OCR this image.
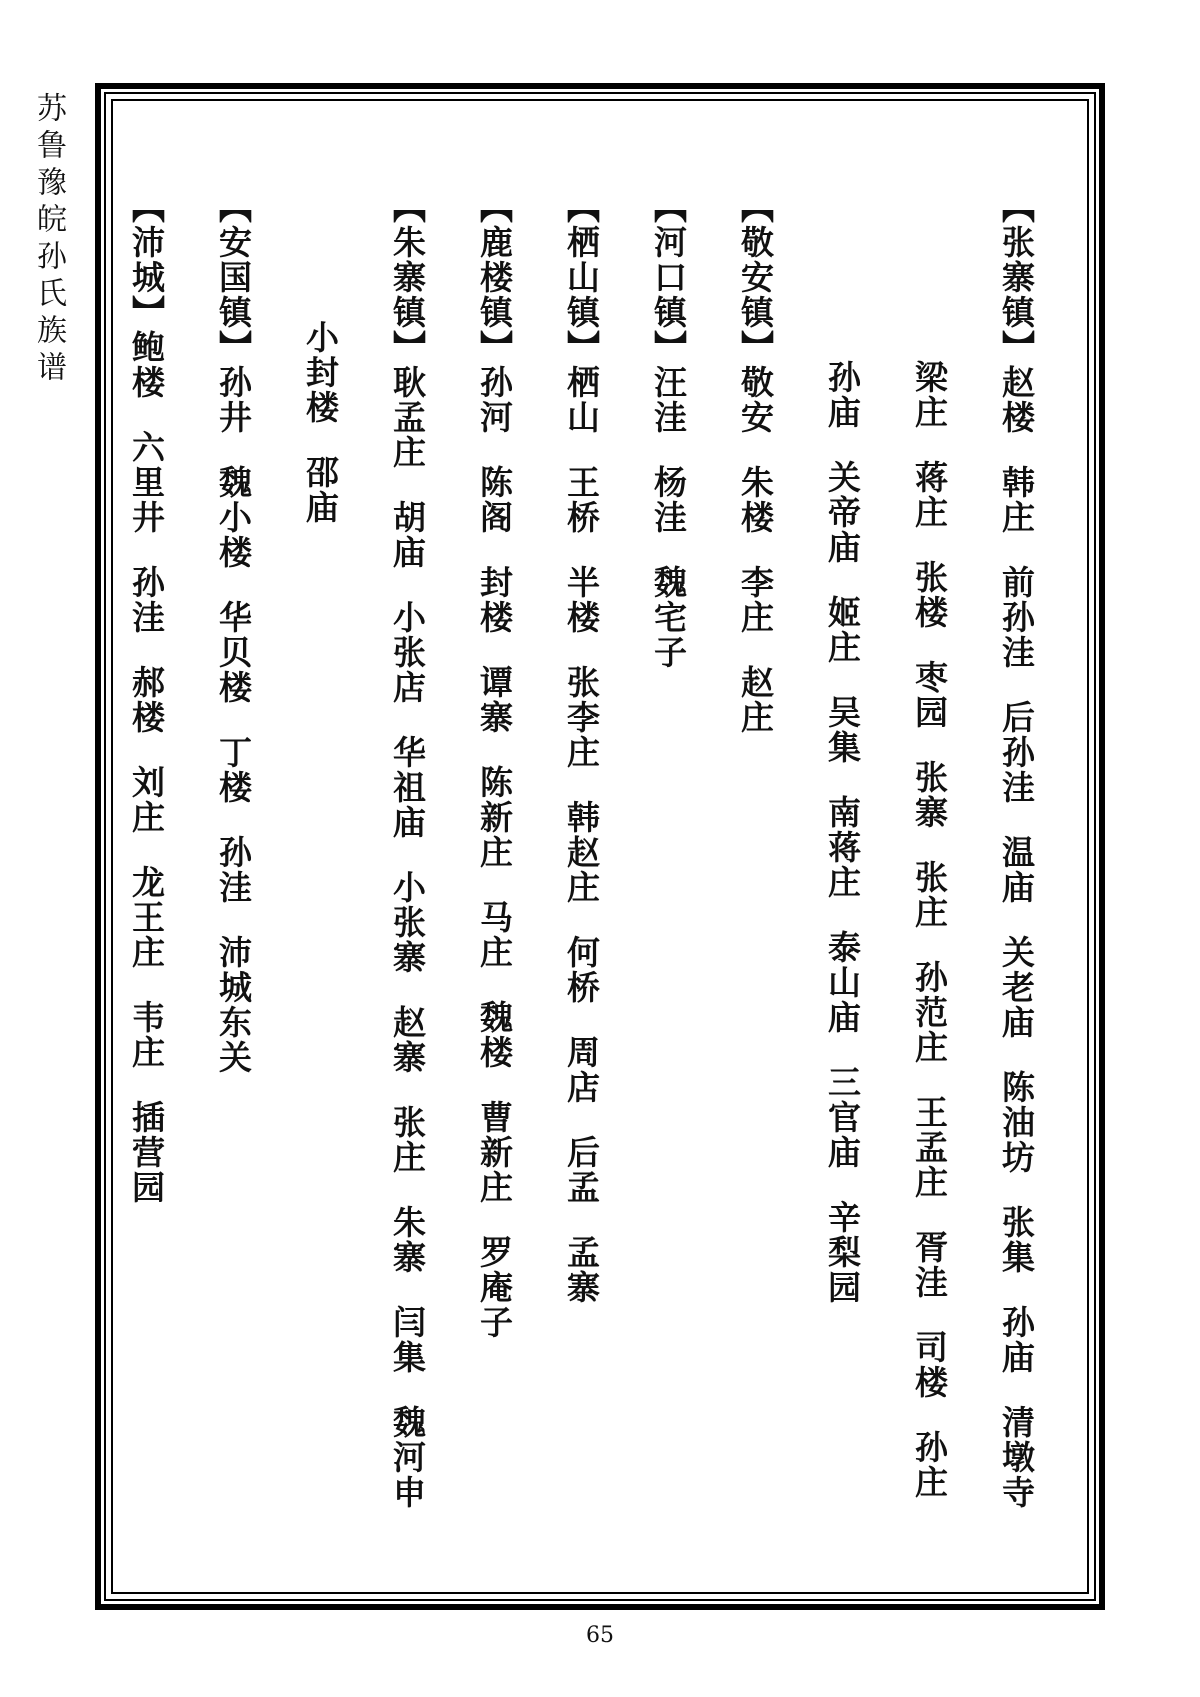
苏鲁豫皖孙氏族谱	【张寨镇】赵楼韩庄前孙洼后孙洼温庙关老庙陈油坊张集孙庙清墩寺
梁庄蒋庄张楼枣园张寨张庄孙范庄王孟庄胥洼司楼孙庄
孙庙关帝庙姬庄吴集南蒋庄泰山庙三官庙辛梨园
【敬安镇】敬安朱楼李庄赵庄
【河口镇】汪洼杨洼魏宅子
【栖山镇】栖山王桥半楼张李庄韩赵庄何桥周店后孟孟寨
【鹿楼镇】孙河陈阁封楼谭寨陈新庄马庄魏楼曹新庄罗庵子
【朱寨镇】耿孟庄胡庙小张店华祖庙小张寨赵寨张庄朱寨闫集魏河申
小封楼邵庙
【安国镇】孙井魏小楼华贝楼丁楼孙洼沛城东关
【沛城】鲍楼六里井孙洼郝楼刘庄龙王庄韦庄插营园
65
